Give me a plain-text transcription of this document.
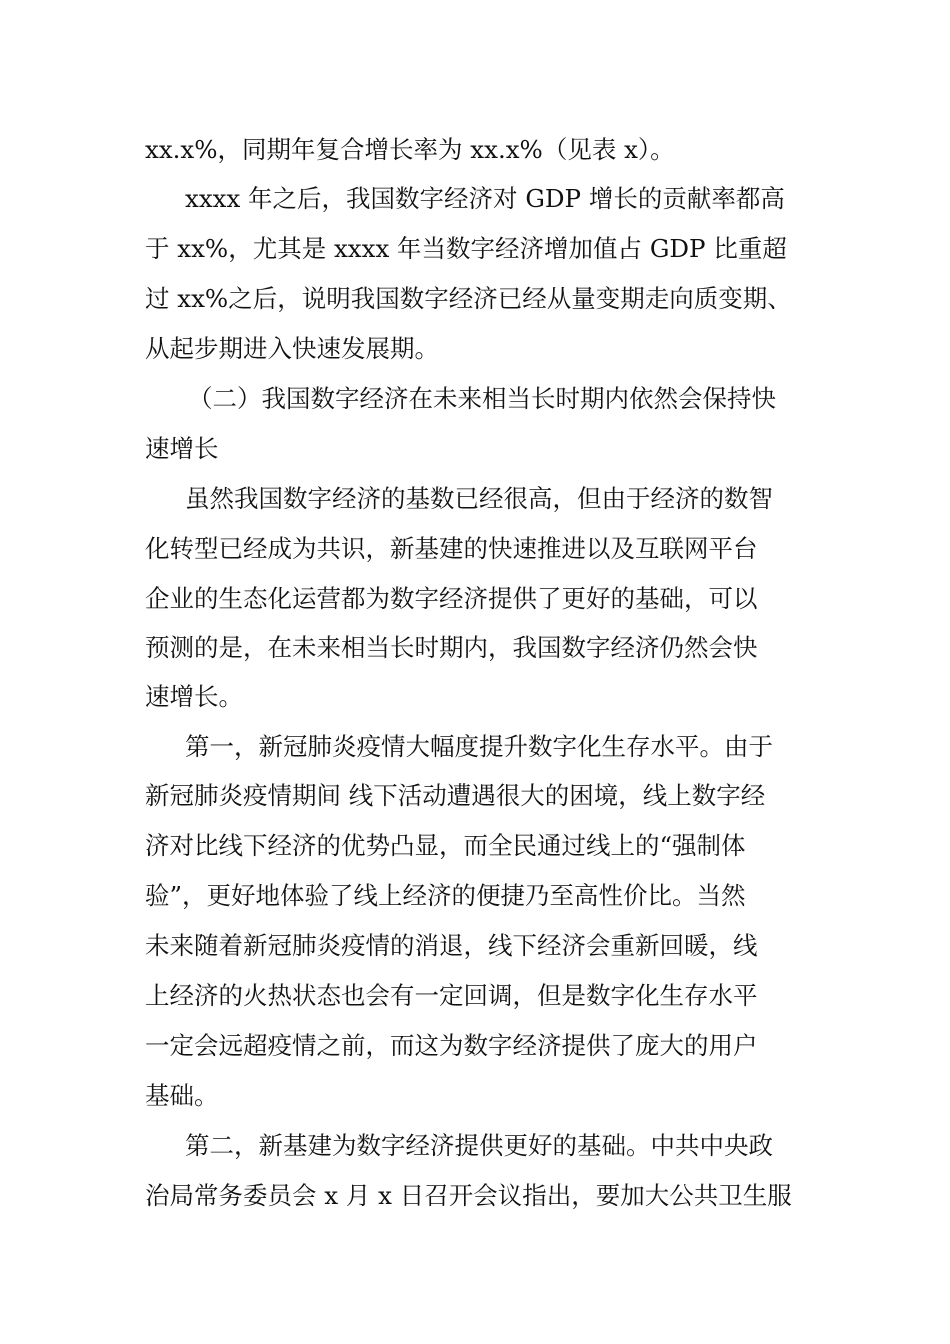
xx.x%，同期年复合增长率为 xx.x%（见表 x）。
xxxx 年之后，我国数字经济对 GDP 增长的贡献率都高
于 xx%，尤其是 xxxx 年当数字经济增加值占 GDP 比重超
过 xx%之后，说明我国数字经济已经从量变期走向质变期、
从起步期进入快速发展期。
（二）我国数字经济在未来相当长时期内依然会保持快
速增长
虽然我国数字经济的基数已经很高，但由于经济的数智
化转型已经成为共识，新基建的快速推进以及互联网平台
企业的生态化运营都为数字经济提供了更好的基础，可以
预测的是，在未来相当长时期内，我国数字经济仍然会快
速增长。
第一，新冠肺炎疫情大幅度提升数字化生存水平。由于
新冠肺炎疫情期间 线下活动遭遇很大的困境，线上数字经
济对比线下经济的优势凸显，而全民通过线上的“强制体
验”，更好地体验了线上经济的便捷乃至高性价比。当然
未来随着新冠肺炎疫情的消退，线下经济会重新回暖，线
上经济的火热状态也会有一定回调，但是数字化生存水平
一定会远超疫情之前，而这为数字经济提供了庞大的用户
基础。
第二，新基建为数字经济提供更好的基础。中共中央政
治局常务委员会 x 月 x 日召开会议指出，要加大公共卫生服
